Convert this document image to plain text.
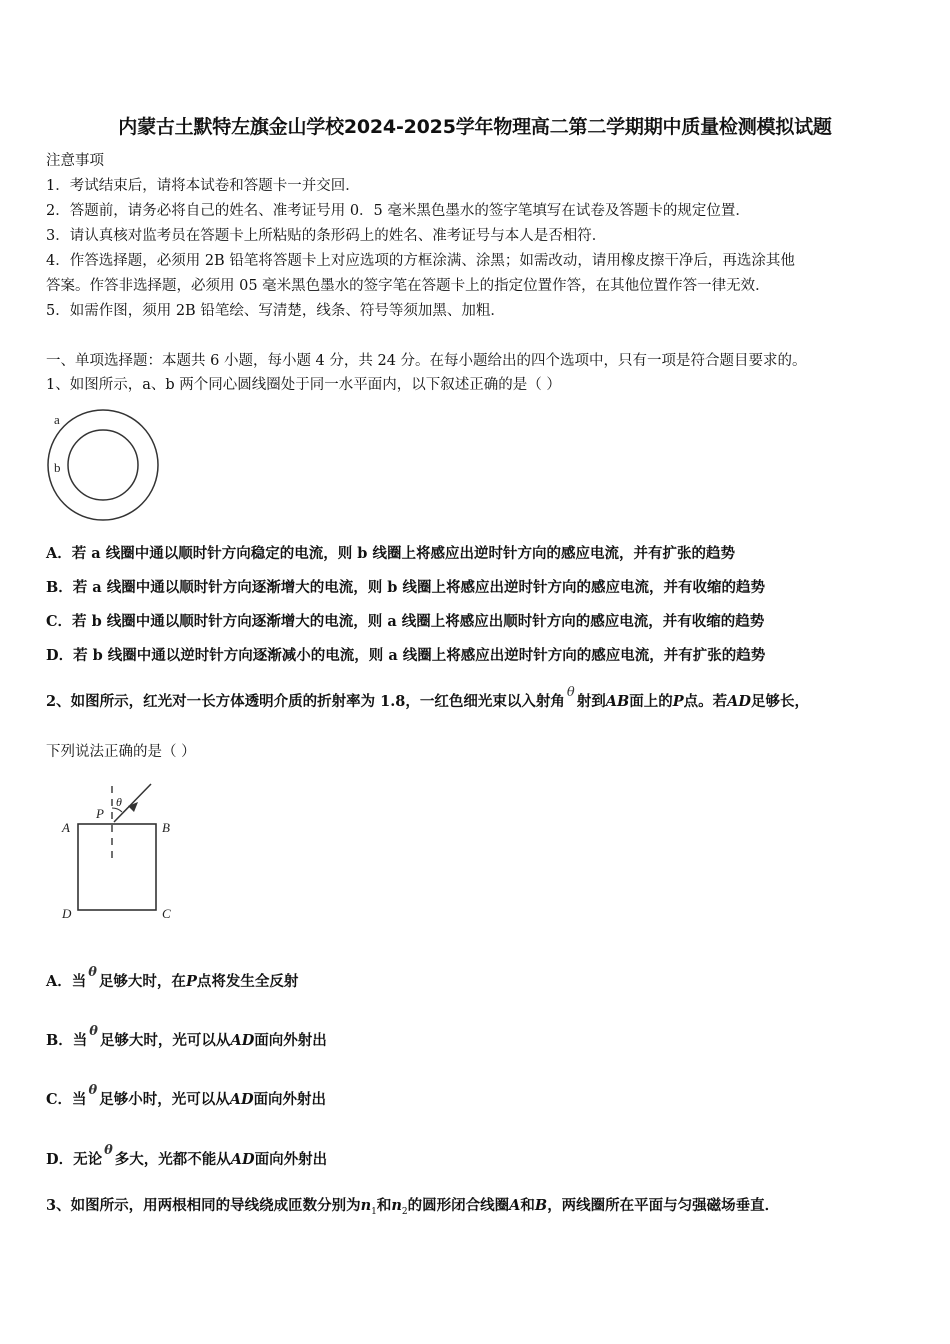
内蒙古土默特左旗金山学校2024-2025学年物理高二第二学期期中质量检测模拟试题
注意事项
1．考试结束后，请将本试卷和答题卡一并交回．
2．答题前，请务必将自己的姓名、准考证号用 0．5 毫米黑色墨水的签字笔填写在试卷及答题卡的规定位置．
3．请认真核对监考员在答题卡上所粘贴的条形码上的姓名、准考证号与本人是否相符．
4．作答选择题，必须用 2B 铅笔将答题卡上对应选项的方框涂满、涂黑；如需改动，请用橡皮擦干净后，再选涂其他
答案。作答非选择题，必须用 05 毫米黑色墨水的签字笔在答题卡上的指定位置作答，在其他位置作答一律无效．
5．如需作图，须用 2B 铅笔绘、写清楚，线条、符号等须加黑、加粗．
一、单项选择题：本题共 6 小题，每小题 4 分，共 24 分。在每小题给出的四个选项中，只有一项是符合题目要求的。
1、如图所示，a、b 两个同心圆线圈处于同一水平面内，以下叙述正确的是（ ）
a
b
A．若 a 线圈中通以顺时针方向稳定的电流，则 b 线圈上将感应出逆时针方向的感应电流，并有扩张的趋势
B．若 a 线圈中通以顺时针方向逐渐增大的电流，则 b 线圈上将感应出逆时针方向的感应电流，并有收缩的趋势
C．若 b 线圈中通以顺时针方向逐渐增大的电流，则 a 线圈上将感应出顺时针方向的感应电流，并有收缩的趋势
D．若 b 线圈中通以逆时针方向逐渐减小的电流，则 a 线圈上将感应出逆时针方向的感应电流，并有扩张的趋势
2、如图所示，红光对一长方体透明介质的折射率为 1.8，一红色细光束以入射角θ射到AB面上的P点。若AD足够长，
下列说法正确的是（ ）
θ
A	B
C
D
P
A．当θ足够大时，在P点将发生全反射
B．当θ足够大时，光可以从AD面向外射出
C．当θ足够小时，光可以从AD面向外射出
D．无论θ多大，光都不能从AD面向外射出
3、如图所示，用两根相同的导线绕成匝数分别为$n_1$和$n_2$的圆形闭合线圈A和B，两线圈所在平面与匀强磁场垂直．
